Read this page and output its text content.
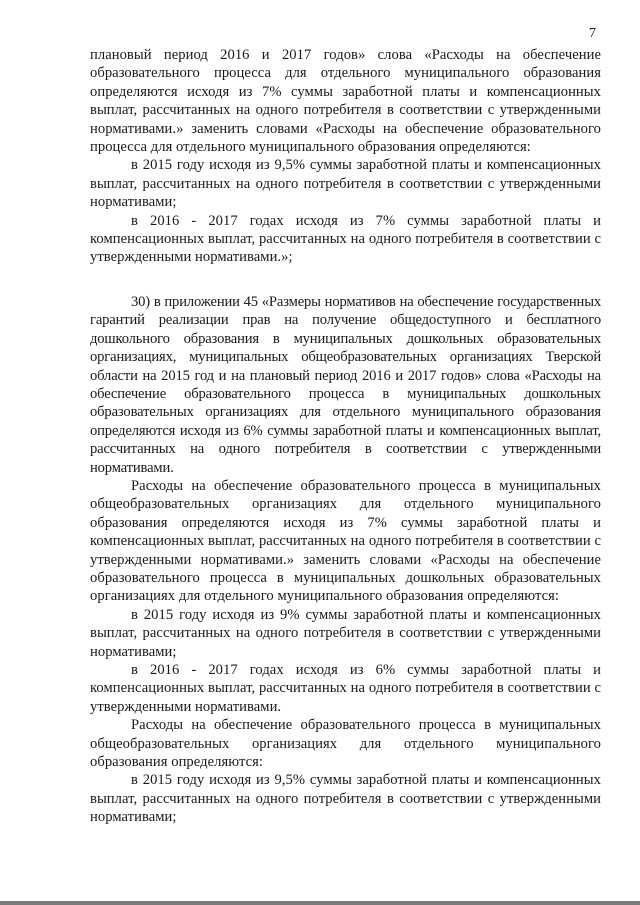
7

плановый период 2016 и 2017 годов» слова «Расходы на обеспечение образовательного процесса для отдельного муниципального образования определяются исходя из 7% суммы заработной платы и компенсационных выплат, рассчитанных на одного потребителя в соответствии с утвержденными нормативами.» заменить словами «Расходы на обеспечение образовательного процесса для отдельного муниципального образования определяются:

в 2015 году исходя из 9,5% суммы заработной платы и компенсационных выплат, рассчитанных на одного потребителя в соответствии с утвержденными нормативами;

в 2016 - 2017 годах исходя из 7% суммы заработной платы и компенсационных выплат, рассчитанных на одного потребителя в соответствии с утвержденными нормативами.»;

30) в приложении 45 «Размеры нормативов на обеспечение государственных гарантий реализации прав на получение общедоступного и бесплатного дошкольного образования в муниципальных дошкольных образовательных организациях, муниципальных общеобразовательных организациях Тверской области на 2015 год и на плановый период 2016 и 2017 годов» слова «Расходы на обеспечение образовательного процесса в муниципальных дошкольных образовательных организациях для отдельного муниципального образования определяются исходя из 6% суммы заработной платы и компенсационных выплат, рассчитанных на одного потребителя в соответствии с утвержденными нормативами.

Расходы на обеспечение образовательного процесса в муниципальных общеобразовательных организациях для отдельного муниципального образования определяются исходя из 7% суммы заработной платы и компенсационных выплат, рассчитанных на одного потребителя в соответствии с утвержденными нормативами.» заменить словами «Расходы на обеспечение образовательного процесса в муниципальных дошкольных образовательных организациях для отдельного муниципального образования определяются:

в 2015 году исходя из 9% суммы заработной платы и компенсационных выплат, рассчитанных на одного потребителя в соответствии с утвержденными нормативами;

в 2016 - 2017 годах исходя из 6% суммы заработной платы и компенсационных выплат, рассчитанных на одного потребителя в соответствии с утвержденными нормативами.

Расходы на обеспечение образовательного процесса в муниципальных общеобразовательных организациях для отдельного муниципального образования определяются:

в 2015 году исходя из 9,5% суммы заработной платы и компенсационных выплат, рассчитанных на одного потребителя в соответствии с утвержденными нормативами;
